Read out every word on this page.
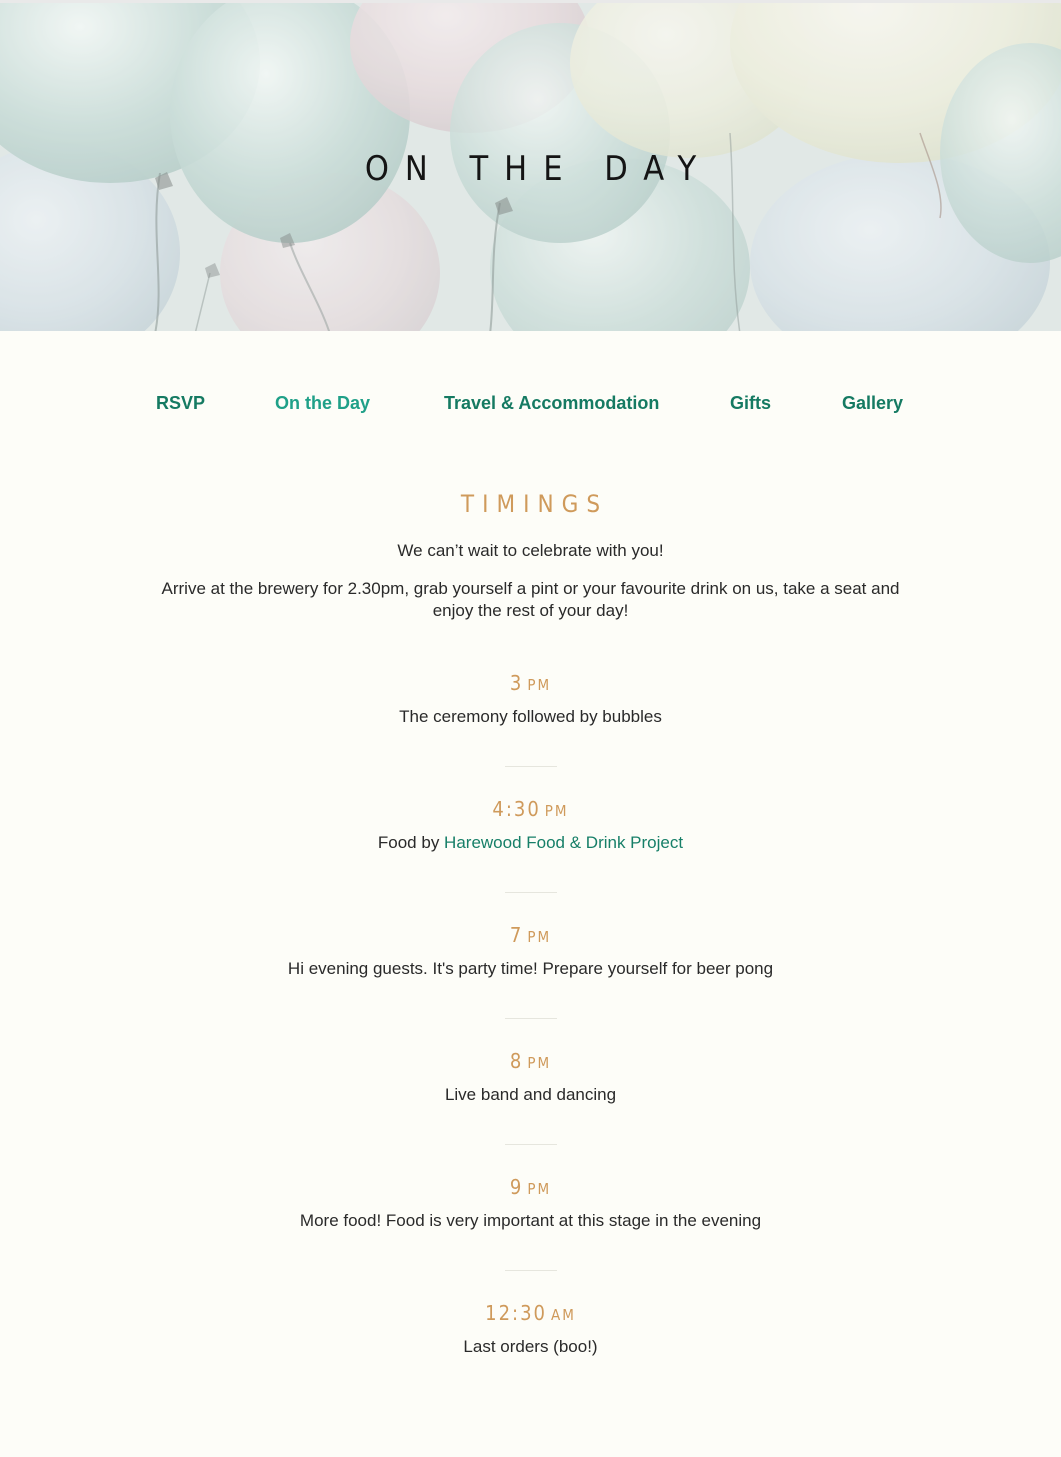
ON THE DAY
RSVP	On the Day	Travel & Accommodation	Gifts	Gallery
TIMINGS

We can’t wait to celebrate with you!

Arrive at the brewery for 2.30pm, grab yourself a pint or your favourite drink on us, take a seat and enjoy the rest of your day!

3 PM
The ceremony followed by bubbles
4:30 PM
Food by Harewood Food & Drink Project
7 PM
Hi evening guests. It's party time! Prepare yourself for beer pong
8 PM
Live band and dancing
9 PM
More food! Food is very important at this stage in the evening
12:30 AM
Last orders (boo!)
